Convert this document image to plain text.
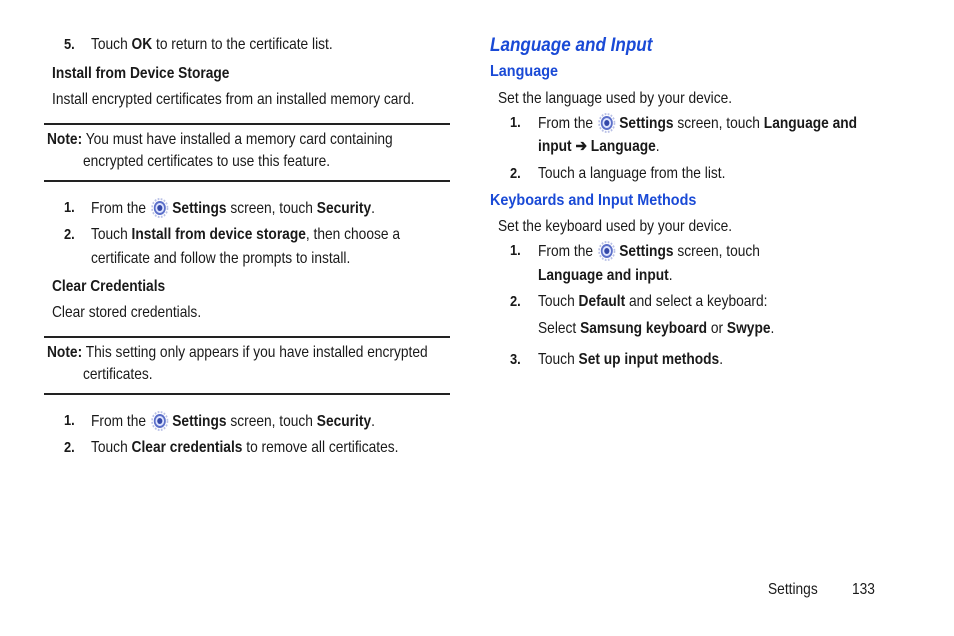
5. Touch OK to return to the certificate list.
Install from Device Storage
Install encrypted certificates from an installed memory card.
Note: You must have installed a memory card containing
encrypted certificates to use this feature.
1. From the Settings screen, touch Security.
2. Touch Install from device storage, then choose a
certificate and follow the prompts to install.
Clear Credentials
Clear stored credentials.
Note: This setting only appears if you have installed encrypted
certificates.
1. From the Settings screen, touch Security.
2. Touch Clear credentials to remove all certificates.
Language and Input
Language
Set the language used by your device.
1. From the Settings screen, touch Language and
input ➔ Language.
2. Touch a language from the list.
Keyboards and Input Methods
Set the keyboard used by your device.
1. From the Settings screen, touch
Language and input.
2. Touch Default and select a keyboard:
Select Samsung keyboard or Swype.
3. Touch Set up input methods.
Settings 133
